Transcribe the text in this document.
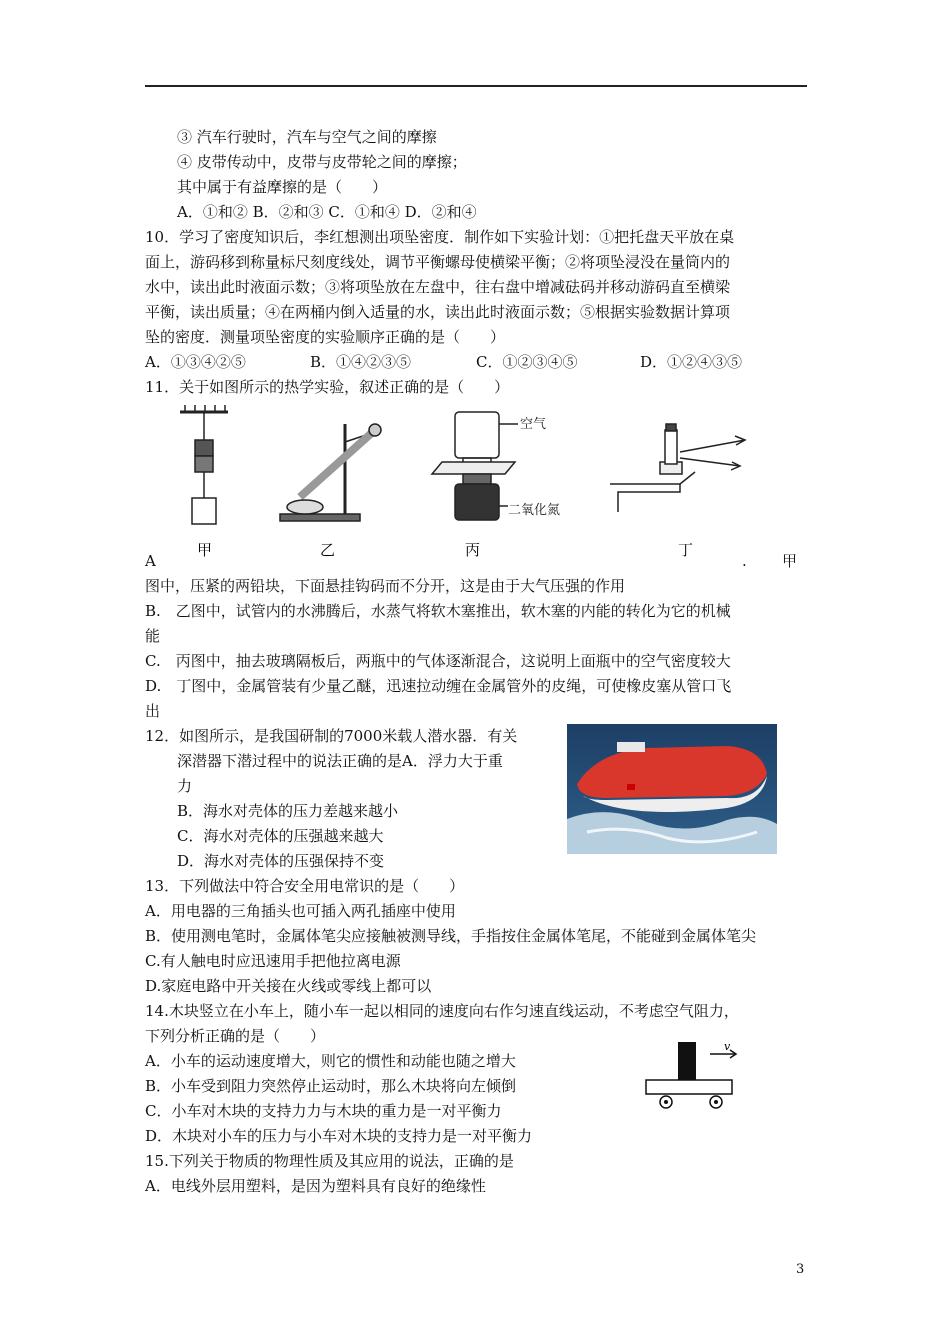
③ 汽车行驶时，汽车与空气之间的摩擦
④ 皮带传动中，皮带与皮带轮之间的摩擦；
其中属于有益摩擦的是（　　）
A．①和② B．②和③ C．①和④ D．②和④
10．学习了密度知识后，李红想测出项坠密度．制作如下实验计划：①把托盘天平放在桌
面上，游码移到称量标尺刻度线处，调节平衡螺母使横梁平衡；②将项坠浸没在量筒内的
水中，读出此时液面示数；③将项坠放在左盘中，往右盘中增减砝码并移动游码直至横梁
平衡，读出质量；④在两桶内倒入适量的水，读出此时液面示数；⑤根据实验数据计算项
坠的密度．测量项坠密度的实验顺序正确的是（　　）
A．①③④②⑤	B．①④②③⑤	C．①②③④⑤	D．①②④③⑤
11．关于如图所示的热学实验，叙述正确的是（　　）
空气
二氧化氮
甲	乙	丙	丁
A	. 甲
图中，压紧的两铅块，下面悬挂钩码而不分开，这是由于大气压强的作用
B.　乙图中，试管内的水沸腾后，水蒸气将软木塞推出，软木塞的内能的转化为它的机械
能
C.　丙图中，抽去玻璃隔板后，两瓶中的气体逐渐混合，这说明上面瓶中的空气密度较大
D.　丁图中，金属管装有少量乙醚，迅速拉动缠在金属管外的皮绳，可使橡皮塞从管口飞
出
12．如图所示，是我国研制的7000米载人潜水器．有关
深潜器下潜过程中的说法正确的是A．浮力大于重
力
B．海水对壳体的压力差越来越小
C．海水对壳体的压强越来越大
D．海水对壳体的压强保持不变
13．下列做法中符合安全用电常识的是（　　）
A．用电器的三角插头也可插入两孔插座中使用
B．使用测电笔时，金属体笔尖应接触被测导线，手指按住金属体笔尾，不能碰到金属体笔尖
C.有人触电时应迅速用手把他拉离电源
D.家庭电路中开关接在火线或零线上都可以
14.木块竖立在小车上，随小车一起以相同的速度向右作匀速直线运动，不考虑空气阻力，
下列分析正确的是（　　）
A．小车的运动速度增大，则它的惯性和动能也随之增大
B．小车受到阻力突然停止运动时，那么木块将向左倾倒
C．小车对木块的支持力力与木块的重力是一对平衡力
D．木块对小车的压力与小车对木块的支持力是一对平衡力
v
15.下列关于物质的物理性质及其应用的说法，正确的是
A．电线外层用塑料，是因为塑料具有良好的绝缘性
3
